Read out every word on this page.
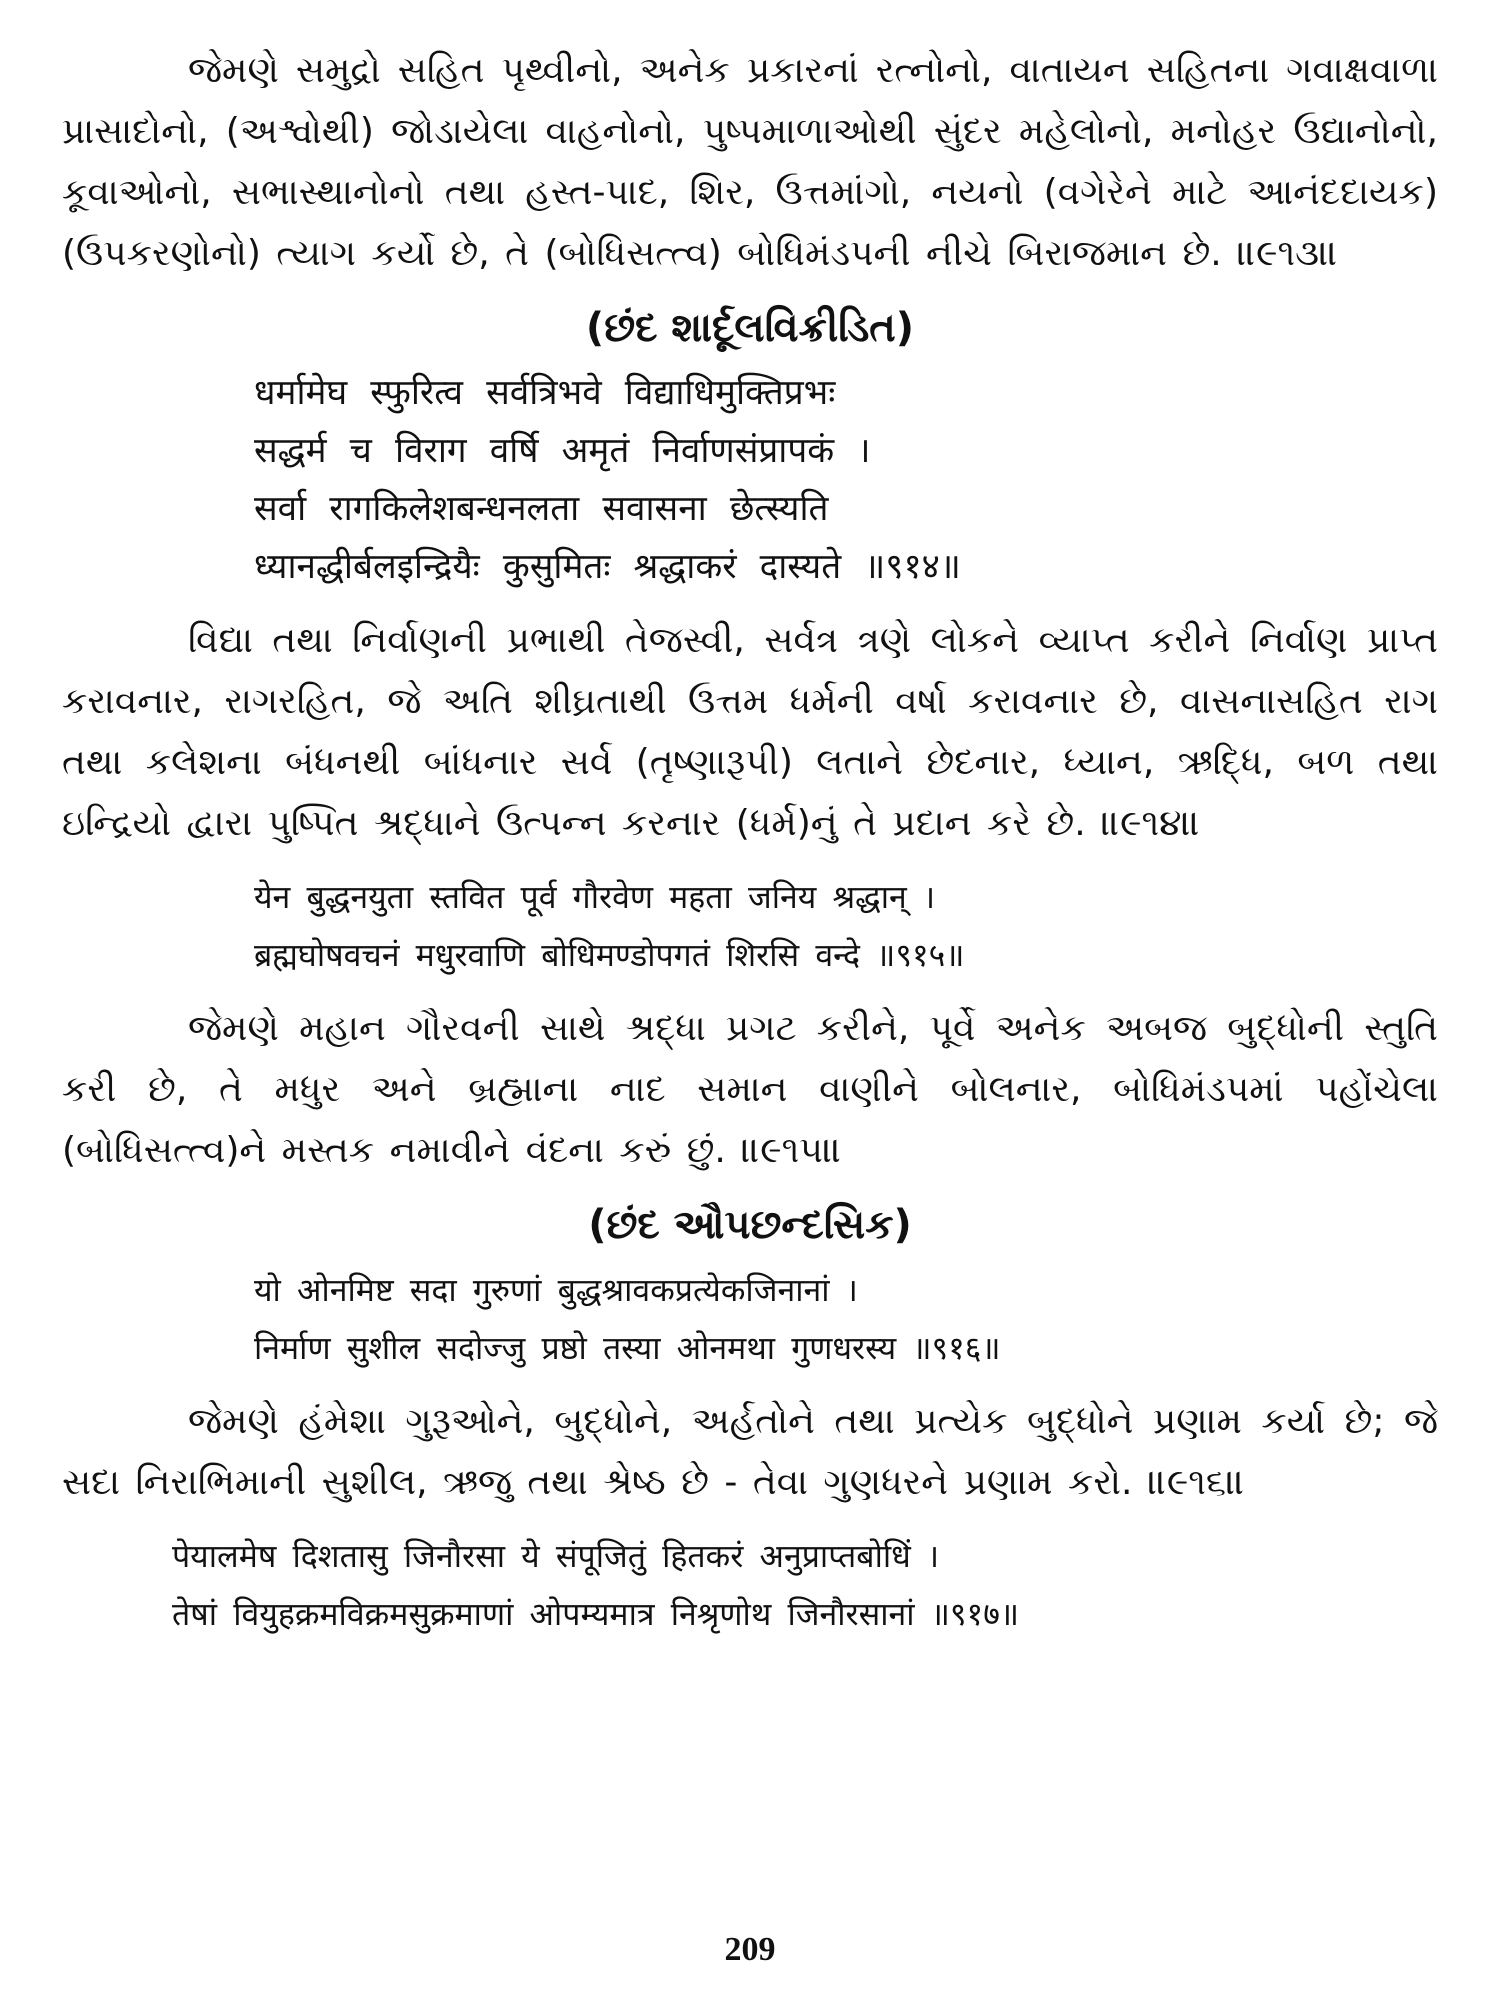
જેમણે સમુદ્રો સહિત પૃથ્વીનો, અનેક પ્રકારનાં રત્નોનો, વાતાયન સહિતના ગવાક્ષવાળા પ્રાસાદોનો, (અશ્વોથી) જોડાયેલા વાહનોનો, પુષ્પમાળાઓથી સુંદર મહેલોનો, મનોહર ઉદ્યાનોનો, કૂવાઓનો, સભાસ્થાનોનો તથા હસ્ત-પાદ, શિર, ઉત્તમાંગો, નયનો (વગેરેને માટે આનંદદાયક) (ઉપકરણોનો) ત્યાગ કર્યો છે, તે (બોધિસત્ત્વ) બોધિમંડપની નીચે બિરાજમાન છે. ॥૯૧૩॥

(છંદ શાર્દૂલવિક્રીડિત)
धर्मामेघ स्फुरित्व सर्वत्रिभवे विद्याधिमुक्तिप्रभः
सद्धर्म च विराग वर्षि अमृतं निर्वाणसंप्रापकं ।
सर्वा रागकिलेशबन्धनलता सवासना छेत्स्यति
ध्यानद्धीर्बलइन्द्रियैः कुसुमितः श्रद्धाकरं दास्यते ॥९१४॥

વિદ્યા તથા નિર્વાણની પ્રભાથી તેજસ્વી, સર્વત્ર ત્રણે લોકને વ્યાપ્ત કરીને નિર્વાણ પ્રાપ્ત કરાવનાર, રાગરહિત, જે અતિ શીઘ્રતાથી ઉત્તમ ધર્મની વર્ષા કરાવનાર છે, વાસનાસહિત રાગ તથા કલેશના બંધનથી બાંધનાર સર્વ (તૃષ્ણારૂપી) લતાને છેદનાર, ધ્યાન, ઋદ્ધિ, બળ તથા ઇન્દ્રિયો દ્વારા પુષ્પિત શ્રદ્ધાને ઉત્પન્ન કરનાર (ધર્મ)નું તે પ્રદાન કરે છે. ॥૯૧૪॥

येन बुद्धनयुता स्तवित पूर्व गौरवेण महता जनिय श्रद्धान् ।
ब्रह्मघोषवचनं मधुरवाणि बोधिमण्डोपगतं शिरसि वन्दे ॥९१५॥

જેમણે મહાન ગૌરવની સાથે શ્રદ્ધા પ્રગટ કરીને, પૂર્વે અનેક અબજ બુદ્ધોની સ્તુતિ કરી છે, તે મધુર અને બ્રહ્માના નાદ સમાન વાણીને બોલનાર, બોધિમંડપમાં પહોંચેલા (બોધિસત્ત્વ)ને મસ્તક નમાવીને વંદના કરું છું. ॥૯૧૫॥

(છંદ ઔપછન્દસિક)
यो ओनमिष्ट सदा गुरुणां बुद्धश्रावकप्रत्येकजिनानां ।
निर्माण सुशील सदोज्जु प्रष्ठो तस्या ओनमथा गुणधरस्य ॥९१६॥

જેમણે હંમેશા ગુરૂઓને, બુદ્ધોને, અર્હતોને તથા પ્રત્યેક બુદ્ધોને પ્રણામ કર્યા છે; જે સદા નિરાભિમાની સુશીલ, ઋજુ તથા શ્રેષ્ઠ છે - તેવા ગુણધરને પ્રણામ કરો. ॥૯૧૬॥

पेयालमेष दिशतासु जिनौरसा ये संपूजितुं हितकरं अनुप्राप्तबोधिं ।
तेषां वियुहक्रमविक्रमसुक्रमाणां ओपम्यमात्र निश्रृणोथ जिनौरसानां ॥९१७॥
209
